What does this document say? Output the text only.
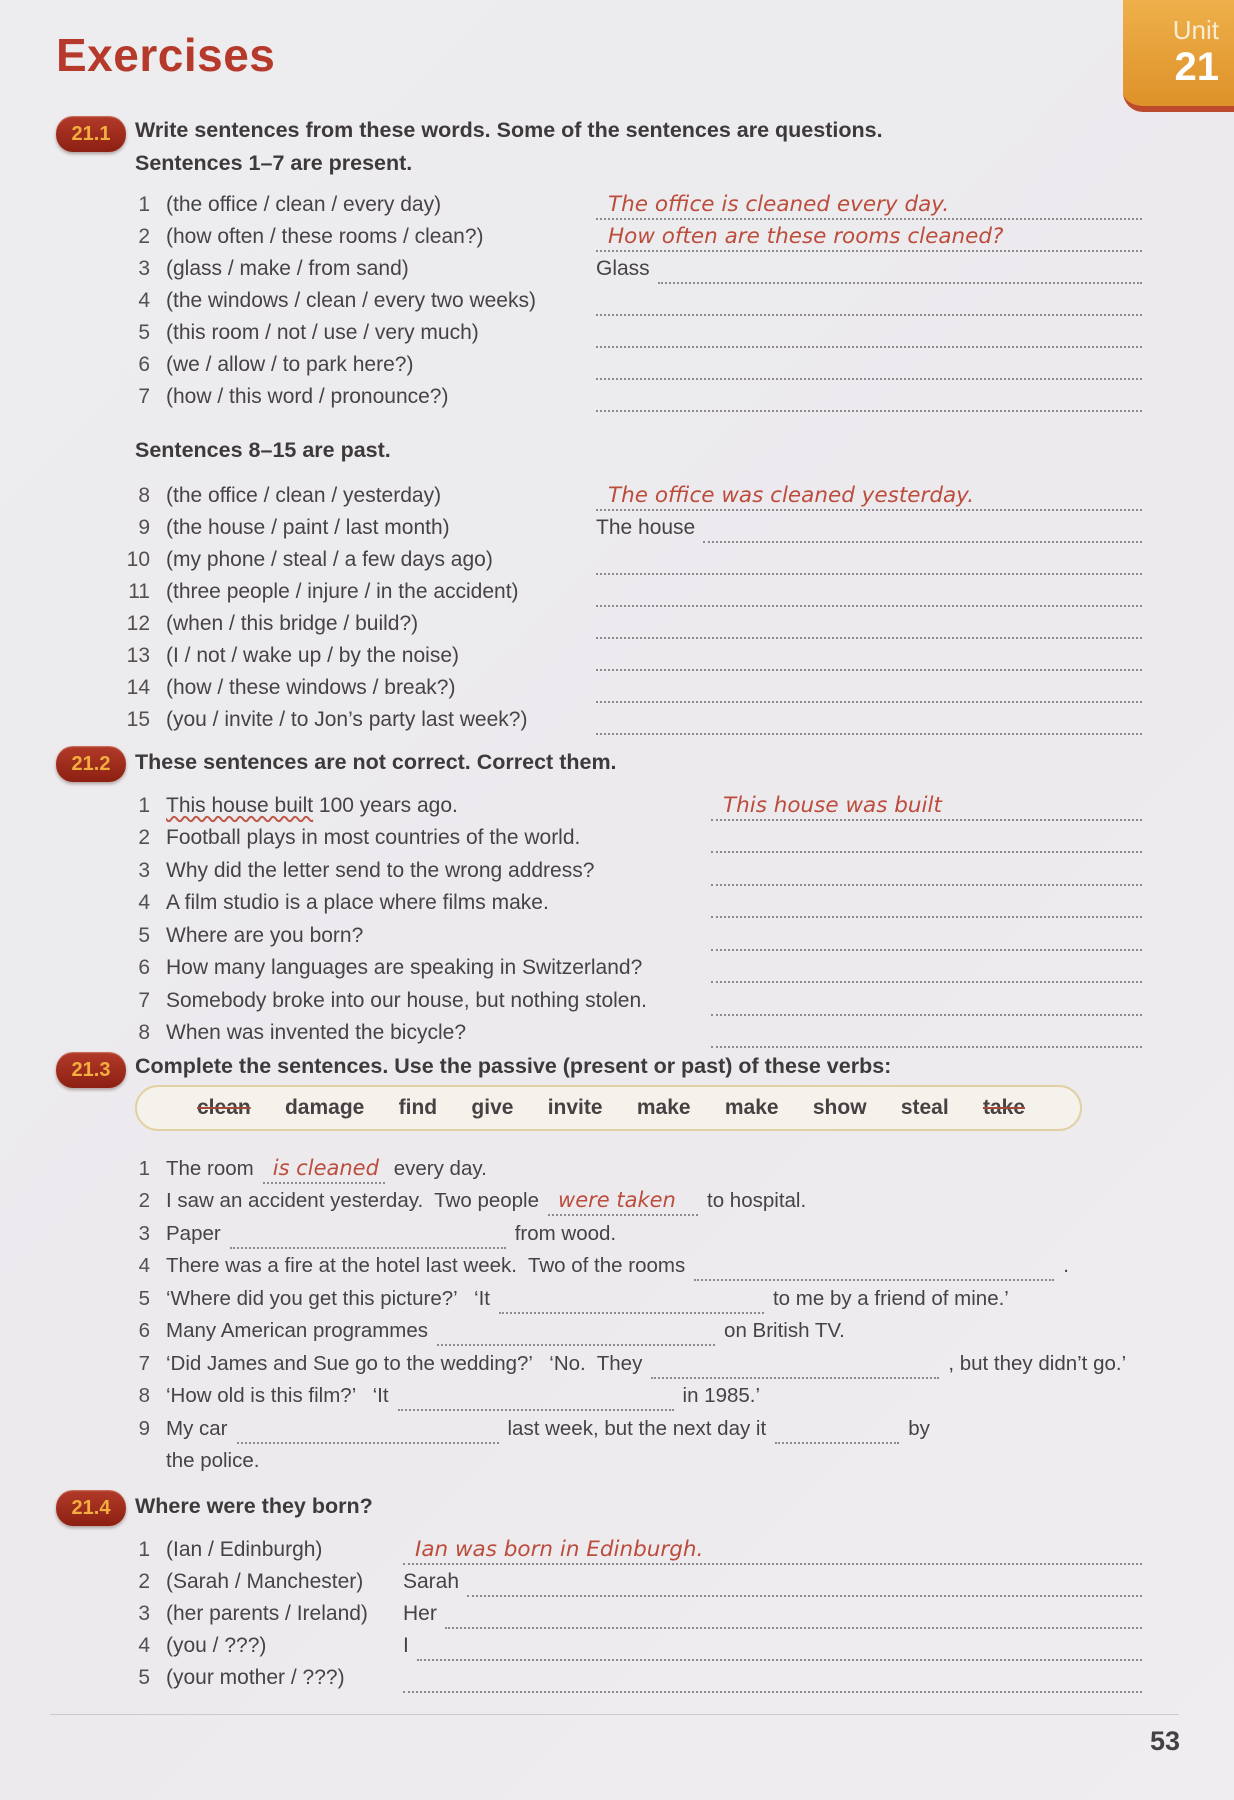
Exercises	Unit
21
21.1	Write sentences from these words. Some of the sentences are questions.

Sentences 1–7 are present.

1 (the office / clean / every day)	The office is cleaned every day.
2 (how often / these rooms / clean?)	How often are these rooms cleaned?
3 (glass / make / from sand)	Glass
4 (the windows / clean / every two weeks)
5 (this room / not / use / very much)
6 (we / allow / to park here?)
7 (how / this word / pronounce?)

Sentences 8–15 are past.

8 (the office / clean / yesterday)	The office was cleaned yesterday.
9 (the house / paint / last month)	The house
10 (my phone / steal / a few days ago)
11 (three people / injure / in the accident)
12 (when / this bridge / build?)
13 (I / not / wake up / by the noise)
14 (how / these windows / break?)
15 (you / invite / to Jon’s party last week?)
21.2	These sentences are not correct. Correct them.

1 This house built 100 years ago.	This house was built
2 Football plays in most countries of the world.
3 Why did the letter send to the wrong address?
4 A film studio is a place where films make.
5 Where are you born?
6 How many languages are speaking in Switzerland?
7 Somebody broke into our house, but nothing stolen.
8 When was invented the bicycle?
21.3	Complete the sentences. Use the passive (present or past) of these verbs:

clean damage find give invite make make show steal take
1 The room is cleaned every day.
2 I saw an accident yesterday.  Two people were taken to hospital.
3 Paper	from wood.
4 There was a fire at the hotel last week.  Two of the rooms	.
5 ‘Where did you get this picture?’   ‘It	to me by a friend of mine.’
6 Many American programmes	on British TV.
7 ‘Did James and Sue go to the wedding?’   ‘No.  They	, but they didn’t go.’
8 ‘How old is this film?’   ‘It	in 1985.’
9 My car	last week, but the next day it	by
the police.
21.4	Where were they born?

1 (Ian / Edinburgh)	Ian was born in Edinburgh.
2 (Sarah / Manchester)	Sarah
3 (her parents / Ireland)	Her
4 (you / ???)	I
5 (your mother / ???)
53
